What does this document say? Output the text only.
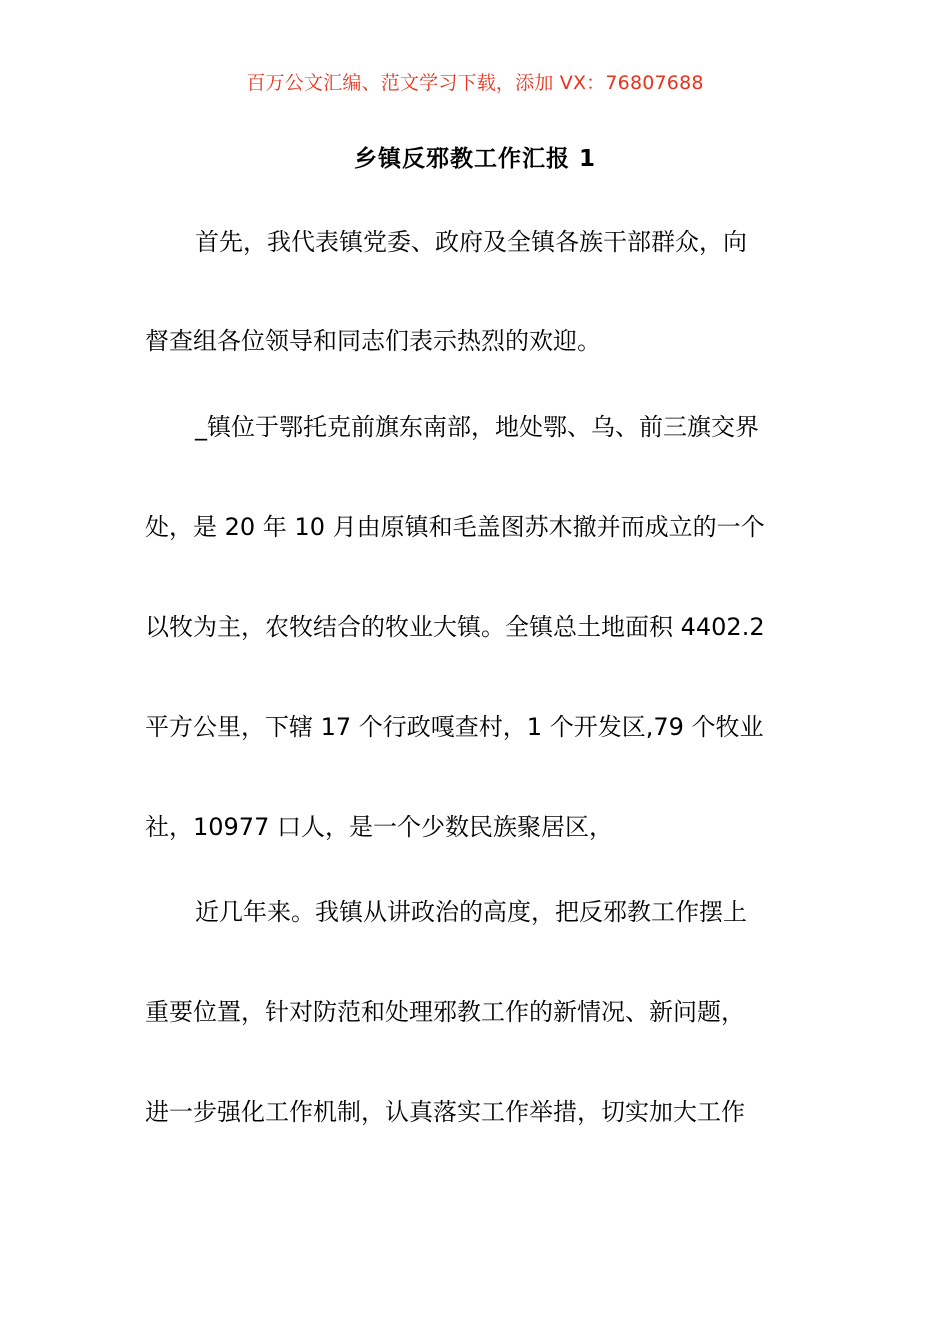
百万公文汇编、范文学习下载，添加 VX：76807688
乡镇反邪教工作汇报 1
首先，我代表镇党委、政府及全镇各族干部群众，向
督查组各位领导和同志们表示热烈的欢迎。
_镇位于鄂托克前旗东南部，地处鄂、乌、前三旗交界
处，是 20 年 10 月由原镇和毛盖图苏木撤并而成立的一个
以牧为主，农牧结合的牧业大镇。全镇总土地面积 4402.2
平方公里，下辖 17 个行政嘎查村，1 个开发区,79 个牧业
社，10977 口人，是一个少数民族聚居区，
近几年来。我镇从讲政治的高度，把反邪教工作摆上
重要位置，针对防范和处理邪教工作的新情况、新问题，
进一步强化工作机制，认真落实工作举措，切实加大工作
